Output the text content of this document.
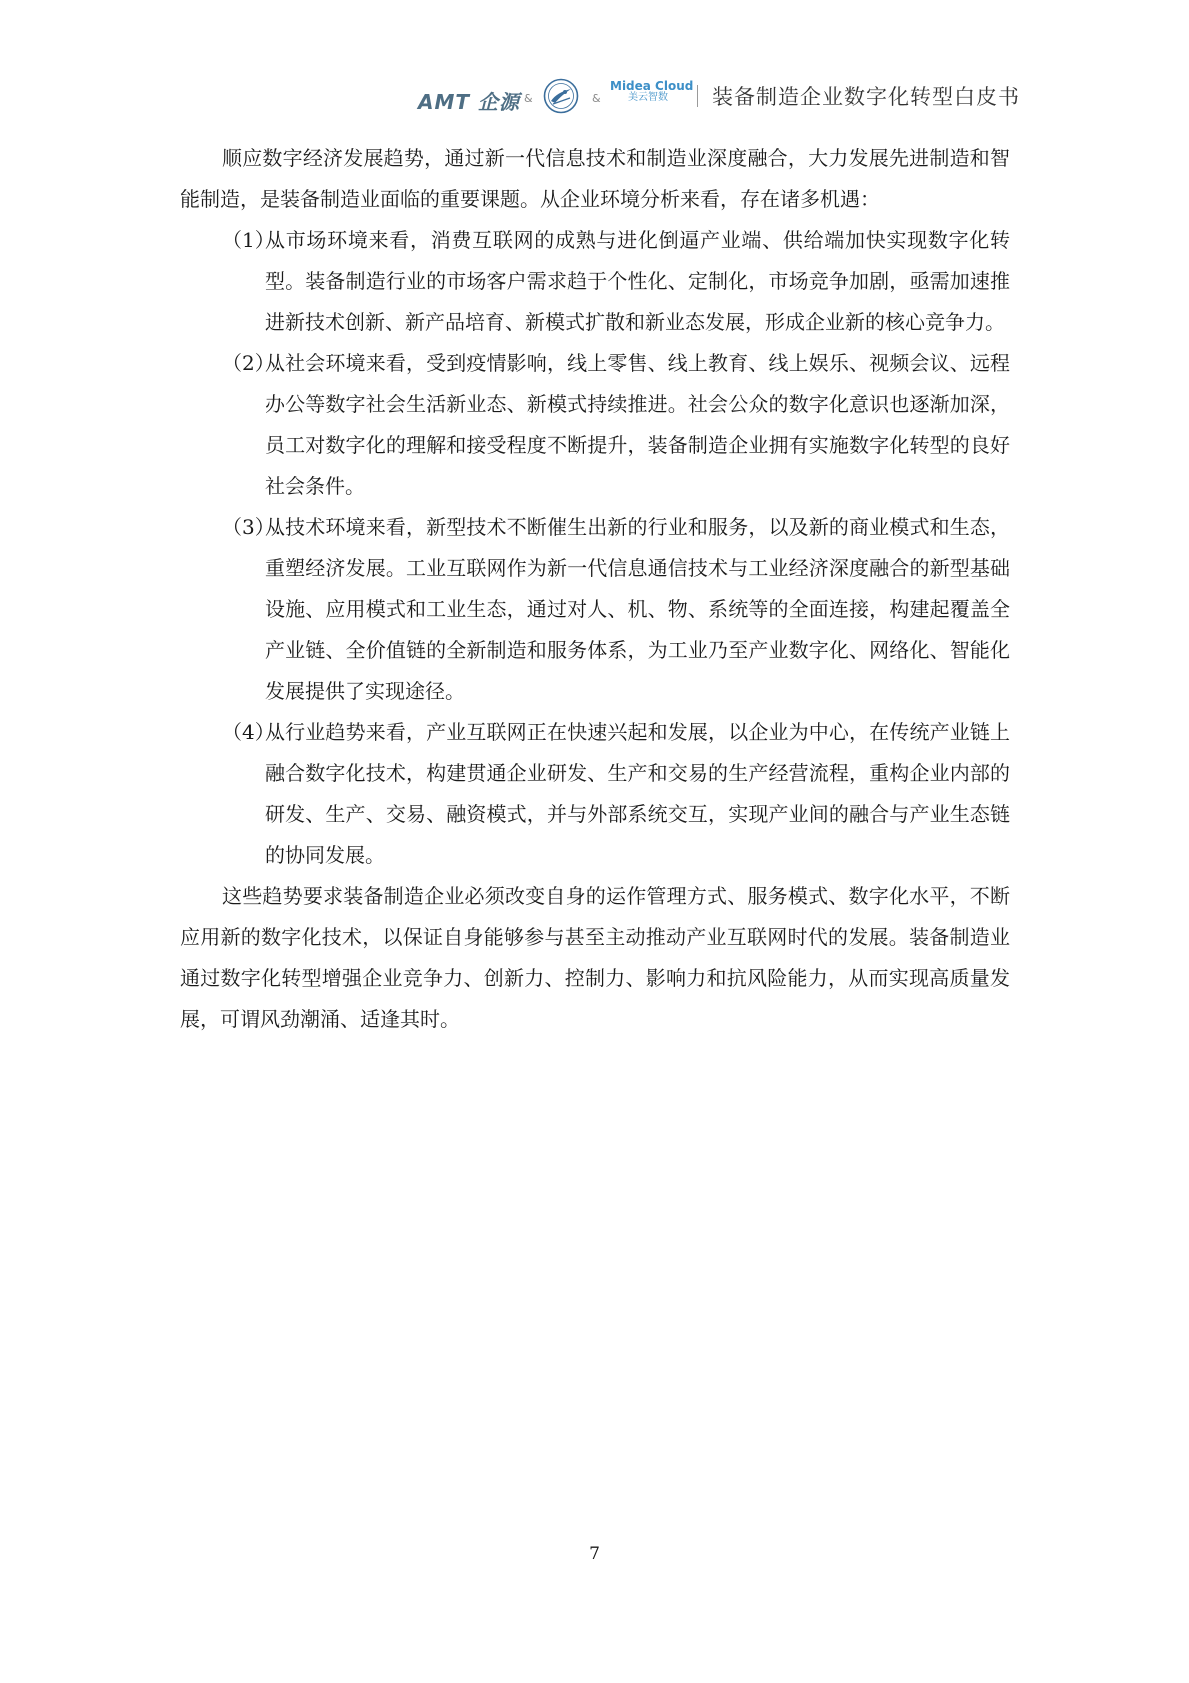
AMT 企源 &	&
Midea Cloud
美云智数	装备制造企业数字化转型白皮书

顺应数字经济发展趋势，通过新一代信息技术和制造业深度融合，大力发展先进制造和智能制造，是装备制造业面临的重要课题。从企业环境分析来看，存在诸多机遇：

（1）.
从市场环境来看，消费互联网的成熟与进化倒逼产业端、供给端加快实现数字化转型。装备制造行业的市场客户需求趋于个性化、定制化，市场竞争加剧，亟需加速推进新技术创新、新产品培育、新模式扩散和新业态发展，形成企业新的核心竞争力。
（2）.
从社会环境来看，受到疫情影响，线上零售、线上教育、线上娱乐、视频会议、远程办公等数字社会生活新业态、新模式持续推进。社会公众的数字化意识也逐渐加深，员工对数字化的理解和接受程度不断提升，装备制造企业拥有实施数字化转型的良好社会条件。
（3）.
从技术环境来看，新型技术不断催生出新的行业和服务，以及新的商业模式和生态，重塑经济发展。工业互联网作为新一代信息通信技术与工业经济深度融合的新型基础设施、应用模式和工业生态，通过对人、机、物、系统等的全面连接，构建起覆盖全产业链、全价值链的全新制造和服务体系，为工业乃至产业数字化、网络化、智能化发展提供了实现途径。
（4）.
从行业趋势来看，产业互联网正在快速兴起和发展，以企业为中心，在传统产业链上融合数字化技术，构建贯通企业研发、生产和交易的生产经营流程，重构企业内部的研发、生产、交易、融资模式，并与外部系统交互，实现产业间的融合与产业生态链的协同发展。

这些趋势要求装备制造企业必须改变自身的运作管理方式、服务模式、数字化水平，不断应用新的数字化技术，以保证自身能够参与甚至主动推动产业互联网时代的发展。装备制造业通过数字化转型增强企业竞争力、创新力、控制力、影响力和抗风险能力，从而实现高质量发展，可谓风劲潮涌、适逢其时。

7
